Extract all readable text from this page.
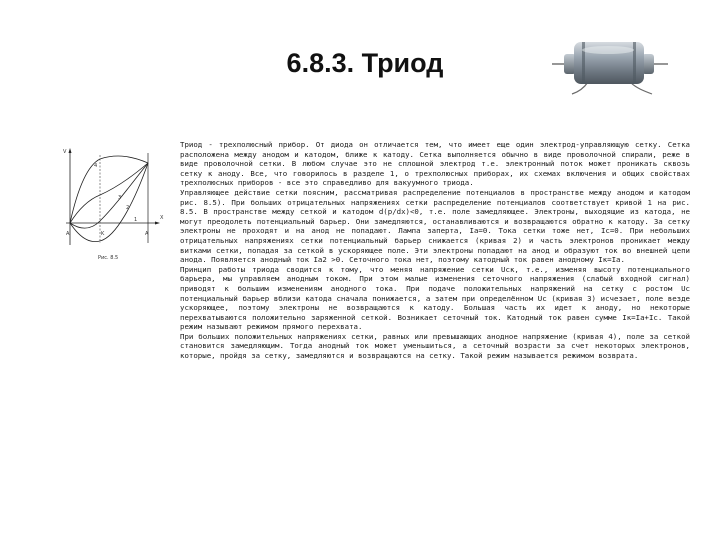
6.8.3. Триод
V
X
4
3
2
1
A	K	A
Рис. 8.5

Триод - трехполюсный прибор. От диода он отличается тем, что имеет еще один электрод-управляющую сетку. Сетка расположена между анодом и катодом, ближе к катоду. Сетка выполняется обычно в виде проволочной спирали, реже в виде проволочной сетки. В любом случае это не сплошной электрод т.е. электронный поток может проникать сквозь сетку к аноду. Все, что говорилось в разделе 1, о трехполюсных приборах, их схемах включения и общих свойствах трехполюсных приборов - все это справедливо для вакуумного триода.

Управляющее действие сетки поясним, рассматривая распределение потенциалов в пространстве между анодом и катодом рис. 8.5). При больших отрицательных напряжениях сетки распределение потенциалов соответствует кривой 1 на рис. 8.5. В пространстве между сеткой и катодом d(p/dx)<0, т.е. поле замедляющее. Электроны, выходящие из катода, не могут преодолеть потенциальный барьер. Они замедляются, останавливаются и возвращаются обратно к катоду. За сетку электроны не проходят и на анод не попадают. Лампа заперта, Ia=0. Тока сетки тоже нет, Ic=0. При небольших отрицательных напряжениях сетки потенциальный барьер снижается (кривая 2) и часть электронов проникает между витками сетки, попадая за сеткой в ускоряющее поле. Эти электроны попадают на анод и образуют ток во внешней цепи анода. Появляется анодный ток Ia2 >0. Сеточного тока нет, поэтому катодный ток равен анодному Iк=Ia.

Принцип работы триода сводится к тому, что меняя напряжение сетки Uск, т.е., изменяя высоту потенциального барьера, мы управляем анодным током. При этом малые изменения сеточного напряжения (слабый входной сигнал) приводят к большим изменениям анодного тока. При подаче положительных напряжений на сетку с ростом Uc потенциальный барьер вблизи катода сначала понижается, а затем при определённом Uc (кривая 3) исчезает, поле везде ускоряющее, поэтому электроны не возвращаются к катоду. Большая часть их идет к аноду, но некоторые перехватываются положительно заряженной сеткой. Возникает сеточный ток. Катодный ток равен сумме Iк=Ia+Ic. Такой режим называют режимом прямого перехвата.

При больших положительных напряжениях сетки, равных или превышающих анодное напряжение (кривая 4), поле за сеткой становится замедляющим. Тогда анодный ток может уменьшиться, а сеточный возрасти за счет некоторых электронов, которые, пройдя за сетку, замедляются и возвращаются на сетку. Такой режим называется режимом возврата.
